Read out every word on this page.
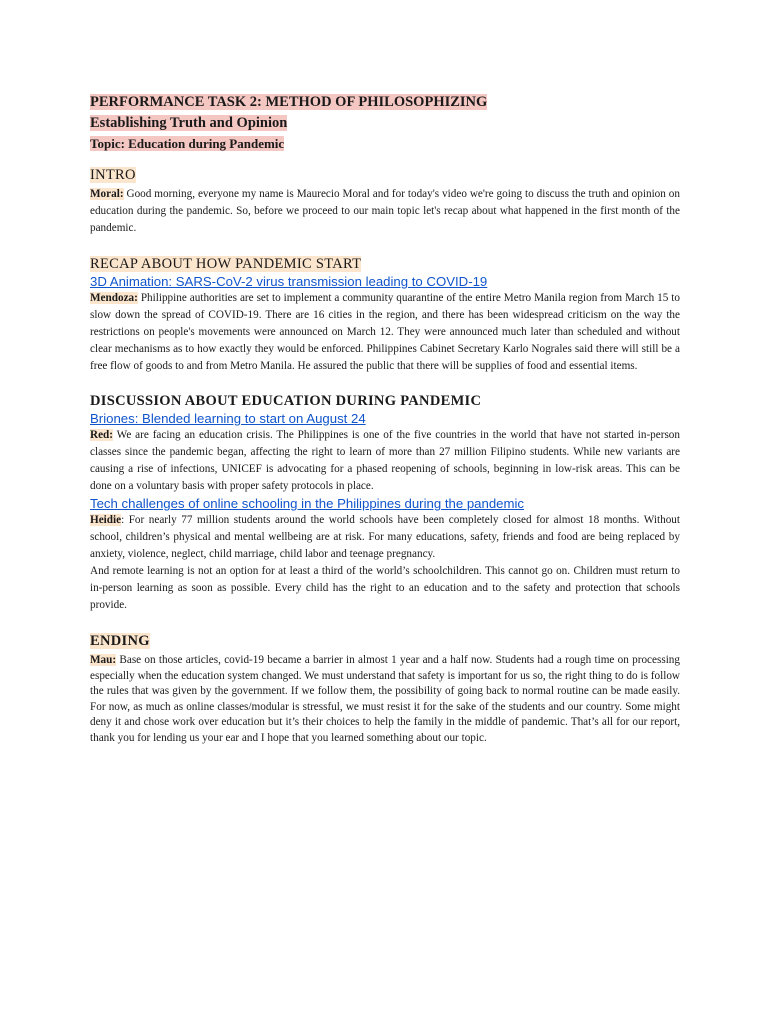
PERFORMANCE TASK 2: METHOD OF PHILOSOPHIZING

Establishing Truth and Opinion

Topic: Education during Pandemic

INTRO

Moral: Good morning, everyone my name is Maurecio Moral and for today's video we're going to discuss the truth and opinion on education during the pandemic. So, before we proceed to our main topic let's recap about what happened in the first month of the pandemic.

RECAP ABOUT HOW PANDEMIC START

3D Animation: SARS-CoV-2 virus transmission leading to COVID-19

Mendoza: Philippine authorities are set to implement a community quarantine of the entire Metro Manila region from March 15 to slow down the spread of COVID-19. There are 16 cities in the region, and there has been widespread criticism on the way the restrictions on people's movements were announced on March 12. They were announced much later than scheduled and without clear mechanisms as to how exactly they would be enforced. Philippines Cabinet Secretary Karlo Nograles said there will still be a free flow of goods to and from Metro Manila. He assured the public that there will be supplies of food and essential items.

DISCUSSION ABOUT EDUCATION DURING PANDEMIC

Briones: Blended learning to start on August 24

Red: We are facing an education crisis. The Philippines is one of the five countries in the world that have not started in-person classes since the pandemic began, affecting the right to learn of more than 27 million Filipino students. While new variants are causing a rise of infections, UNICEF is advocating for a phased reopening of schools, beginning in low-risk areas. This can be done on a voluntary basis with proper safety protocols in place.

Tech challenges of online schooling in the Philippines during the pandemic

Heidie: For nearly 77 million students around the world schools have been completely closed for almost 18 months. Without school, children’s physical and mental wellbeing are at risk. For many educations, safety, friends and food are being replaced by anxiety, violence, neglect, child marriage, child labor and teenage pregnancy.

And remote learning is not an option for at least a third of the world’s schoolchildren. This cannot go on. Children must return to in-person learning as soon as possible. Every child has the right to an education and to the safety and protection that schools provide.

ENDING

Mau: Base on those articles, covid-19 became a barrier in almost 1 year and a half now. Students had a rough time on processing especially when the education system changed. We must understand that safety is important for us so, the right thing to do is follow the rules that was given by the government. If we follow them, the possibility of going back to normal routine can be made easily. For now, as much as online classes/modular is stressful, we must resist it for the sake of the students and our country. Some might deny it and chose work over education but it’s their choices to help the family in the middle of pandemic. That’s all for our report, thank you for lending us your ear and I hope that you learned something about our topic.
